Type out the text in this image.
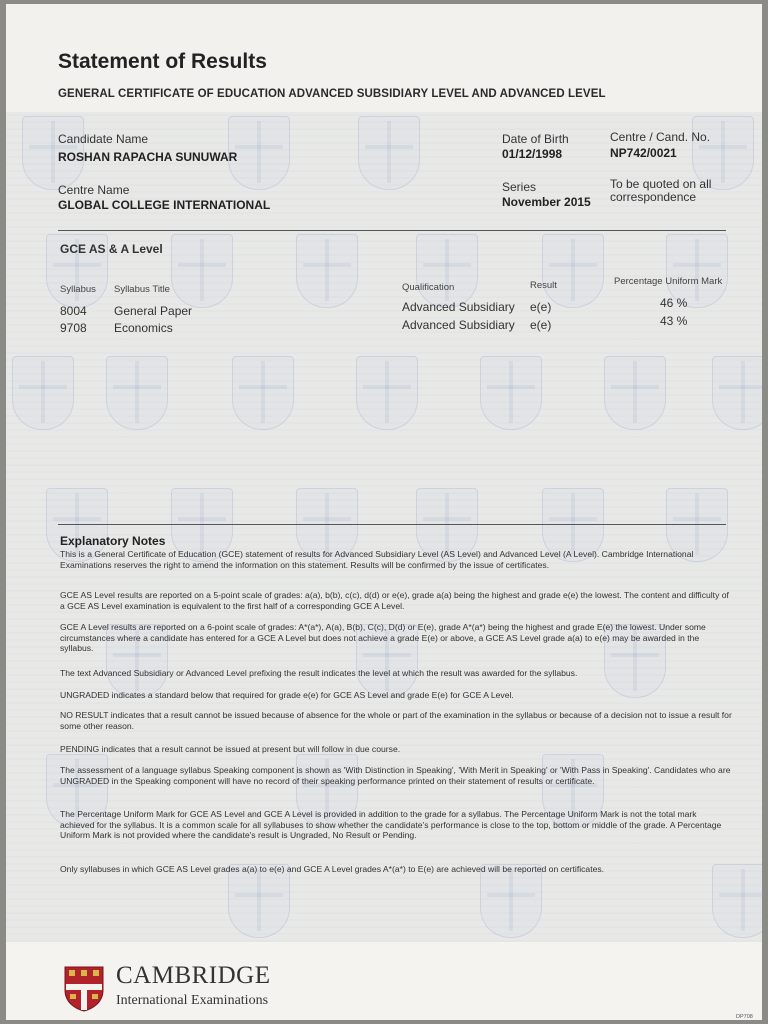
Statement of Results
GENERAL CERTIFICATE OF EDUCATION ADVANCED SUBSIDIARY LEVEL AND ADVANCED LEVEL
Candidate Name
ROSHAN RAPACHA SUNUWAR
Date of Birth
01/12/1998
Centre / Cand. No.
NP742/0021
Centre Name
GLOBAL COLLEGE INTERNATIONAL
Series
November 2015
To be quoted on all correspondence
GCE AS & A Level
Syllabus Syllabus Title	Qualification	Result	Percentage Uniform Mark
8004 General Paper	Advanced Subsidiary e(e)	46 %
9708 Economics	Advanced Subsidiary e(e)	43 %
Explanatory Notes
This is a General Certificate of Education (GCE) statement of results for Advanced Subsidiary Level (AS Level) and Advanced Level (A Level). Cambridge International Examinations reserves the right to amend the information on this statement. Results will be confirmed by the issue of certificates.
GCE AS Level results are reported on a 5-point scale of grades: a(a), b(b), c(c), d(d) or e(e), grade a(a) being the highest and grade e(e) the lowest. The content and difficulty of a GCE AS Level examination is equivalent to the first half of a corresponding GCE A Level.
GCE A Level results are reported on a 6-point scale of grades: A*(a*), A(a), B(b), C(c), D(d) or E(e), grade A*(a*) being the highest and grade E(e) the lowest. Under some circumstances where a candidate has entered for a GCE A Level but does not achieve a grade E(e) or above, a GCE AS Level grade a(a) to e(e) may be awarded in the syllabus.
The text Advanced Subsidiary or Advanced Level prefixing the result indicates the level at which the result was awarded for the syllabus.
UNGRADED indicates a standard below that required for grade e(e) for GCE AS Level and grade E(e) for GCE A Level.
NO RESULT indicates that a result cannot be issued because of absence for the whole or part of the examination in the syllabus or because of a decision not to issue a result for some other reason.
PENDING indicates that a result cannot be issued at present but will follow in due course.
The assessment of a language syllabus Speaking component is shown as 'With Distinction in Speaking', 'With Merit in Speaking' or 'With Pass in Speaking'. Candidates who are UNGRADED in the Speaking component will have no record of their speaking performance printed on their statement of results or certificate.
The Percentage Uniform Mark for GCE AS Level and GCE A Level is provided in addition to the grade for a syllabus. The Percentage Uniform Mark is not the total mark achieved for the syllabus. It is a common scale for all syllabuses to show whether the candidate's performance is close to the top, bottom or middle of the grade. A Percentage Uniform Mark is not provided where the candidate's result is Ungraded, No Result or Pending.
Only syllabuses in which GCE AS Level grades a(a) to e(e) and GCE A Level grades A*(a*) to E(e) are achieved will be reported on certificates.
CAMBRIDGE
International Examinations
DP708
